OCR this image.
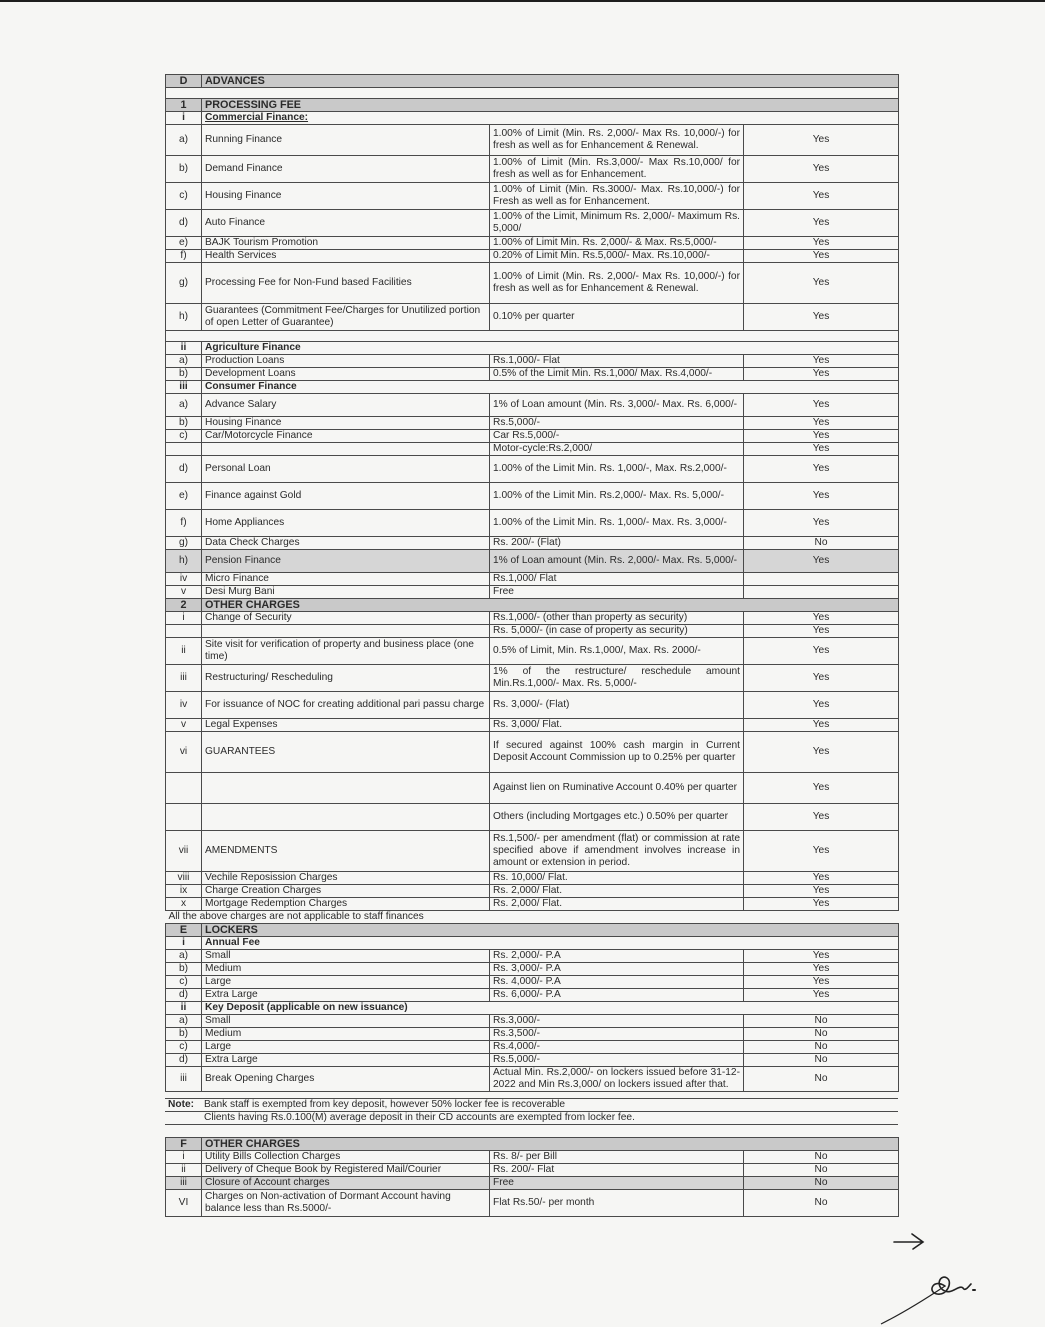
D	ADVANCES		

1	PROCESSING FEE		
i	Commercial Finance:		
a)	Running Finance	1.00% of Limit (Min. Rs. 2,000/- Max Rs. 10,000/-) for fresh as well as for Enhancement & Renewal.	Yes
b)	Demand Finance	1.00% of Limit (Min. Rs.3,000/- Max Rs.10,000/ for fresh as well as for Enhancement.	Yes
c)	Housing Finance	1.00% of Limit (Min. Rs.3000/- Max. Rs.10,000/-) for Fresh as well as for Enhancement.	Yes
d)	Auto Finance	1.00% of the Limit, Minimum Rs. 2,000/- Maximum Rs. 5,000/	Yes
e)	BAJK Tourism Promotion	1.00% of Limit Min. Rs. 2,000/- & Max. Rs.5,000/-	Yes
f)	Health Services	0.20% of Limit Min. Rs.5,000/- Max. Rs.10,000/-	Yes
g)	Processing Fee for Non-Fund based Facilities	1.00% of Limit (Min. Rs. 2,000/- Max Rs. 10,000/-) for fresh as well as for Enhancement & Renewal.	Yes
h)	Guarantees (Commitment Fee/Charges for Unutilized portion of open Letter of Guarantee)	0.10% per quarter	Yes

ii	Agriculture Finance		
a)	Production Loans	Rs.1,000/- Flat	Yes
b)	Development Loans	0.5% of the Limit Min. Rs.1,000/ Max. Rs.4,000/-	Yes
iii	Consumer Finance		
a)	Advance Salary	1% of Loan amount (Min. Rs. 3,000/- Max. Rs. 6,000/-	Yes
b)	Housing Finance	Rs.5,000/-	Yes
c)	Car/Motorcycle Finance	Car Rs.5,000/-	Yes
		Motor-cycle:Rs.2,000/	Yes
d)	Personal Loan	1.00% of the Limit Min. Rs. 1,000/-, Max. Rs.2,000/-	Yes
e)	Finance against Gold	1.00% of the Limit Min. Rs.2,000/- Max. Rs. 5,000/-	Yes
f)	Home Appliances	1.00% of the Limit Min. Rs. 1,000/- Max. Rs. 3,000/-	Yes
g)	Data Check Charges	Rs. 200/- (Flat)	No
h)	Pension Finance	1% of Loan amount (Min. Rs. 2,000/- Max. Rs. 5,000/-	Yes
iv	Micro Finance	Rs.1,000/ Flat	
v	Desi Murg Bani	Free	
2	OTHER CHARGES		
i	Change of Security	Rs.1,000/- (other than property as security)	Yes
		Rs. 5,000/- (in case of property as security)	Yes
ii	Site visit for verification of property and business place (one time)	0.5% of Limit, Min. Rs.1,000/, Max. Rs. 2000/-	Yes
iii	Restructuring/ Rescheduling	1% of the restructure/ reschedule amount Min.Rs.1,000/- Max. Rs. 5,000/-	Yes
iv	For issuance of NOC for creating additional pari passu charge	Rs. 3,000/- (Flat)	Yes
v	Legal Expenses	Rs. 3,000/ Flat.	Yes
vi	GUARANTEES	If secured against 100% cash margin in Current Deposit Account Commission up to 0.25% per quarter	Yes
		Against lien on Ruminative Account 0.40% per quarter	Yes
		Others (including Mortgages etc.) 0.50% per quarter	Yes
vii	AMENDMENTS	Rs.1,500/- per amendment (flat) or commission at rate specified above if amendment involves increase in amount or extension in period.	Yes
viii	Vechile Reposission Charges	Rs. 10,000/ Flat.	Yes
ix	Charge Creation Charges	Rs. 2,000/ Flat.	Yes
x	Mortgage Redemption Charges	Rs. 2,000/ Flat.	Yes
All the above charges are not applicable to staff finances			
E	LOCKERS		
i	Annual Fee		
a)	Small	Rs. 2,000/- P.A	Yes
b)	Medium	Rs. 3,000/- P.A	Yes
c)	Large	Rs. 4,000/- P.A	Yes
d)	Extra Large	Rs. 6,000/- P.A	Yes
ii	Key Deposit (applicable on new issuance)		
a)	Small	Rs.3,000/-	No
b)	Medium	Rs.3,500/-	No
c)	Large	Rs.4,000/-	No
d)	Extra Large	Rs.5,000/-	No
iii	Break Opening Charges	Actual Min. Rs.2,000/- on lockers issued before 31-12-2022 and Min Rs.3,000/ on lockers issued after that.	No
Note:	Bank staff is exempted from key deposit, however 50% locker fee is recoverable
	Clients having Rs.0.100(M) average deposit in their CD accounts are exempted from locker fee.
F	OTHER CHARGES		
i	Utility Bills Collection Charges	Rs. 8/- per Bill	No
ii	Delivery of Cheque Book by Registered Mail/Courier	Rs. 200/- Flat	No
iii	Closure of Account charges	Free	No
VI	Charges on Non-activation of Dormant Account having balance less than Rs.5000/-	Flat Rs.50/- per month	No
